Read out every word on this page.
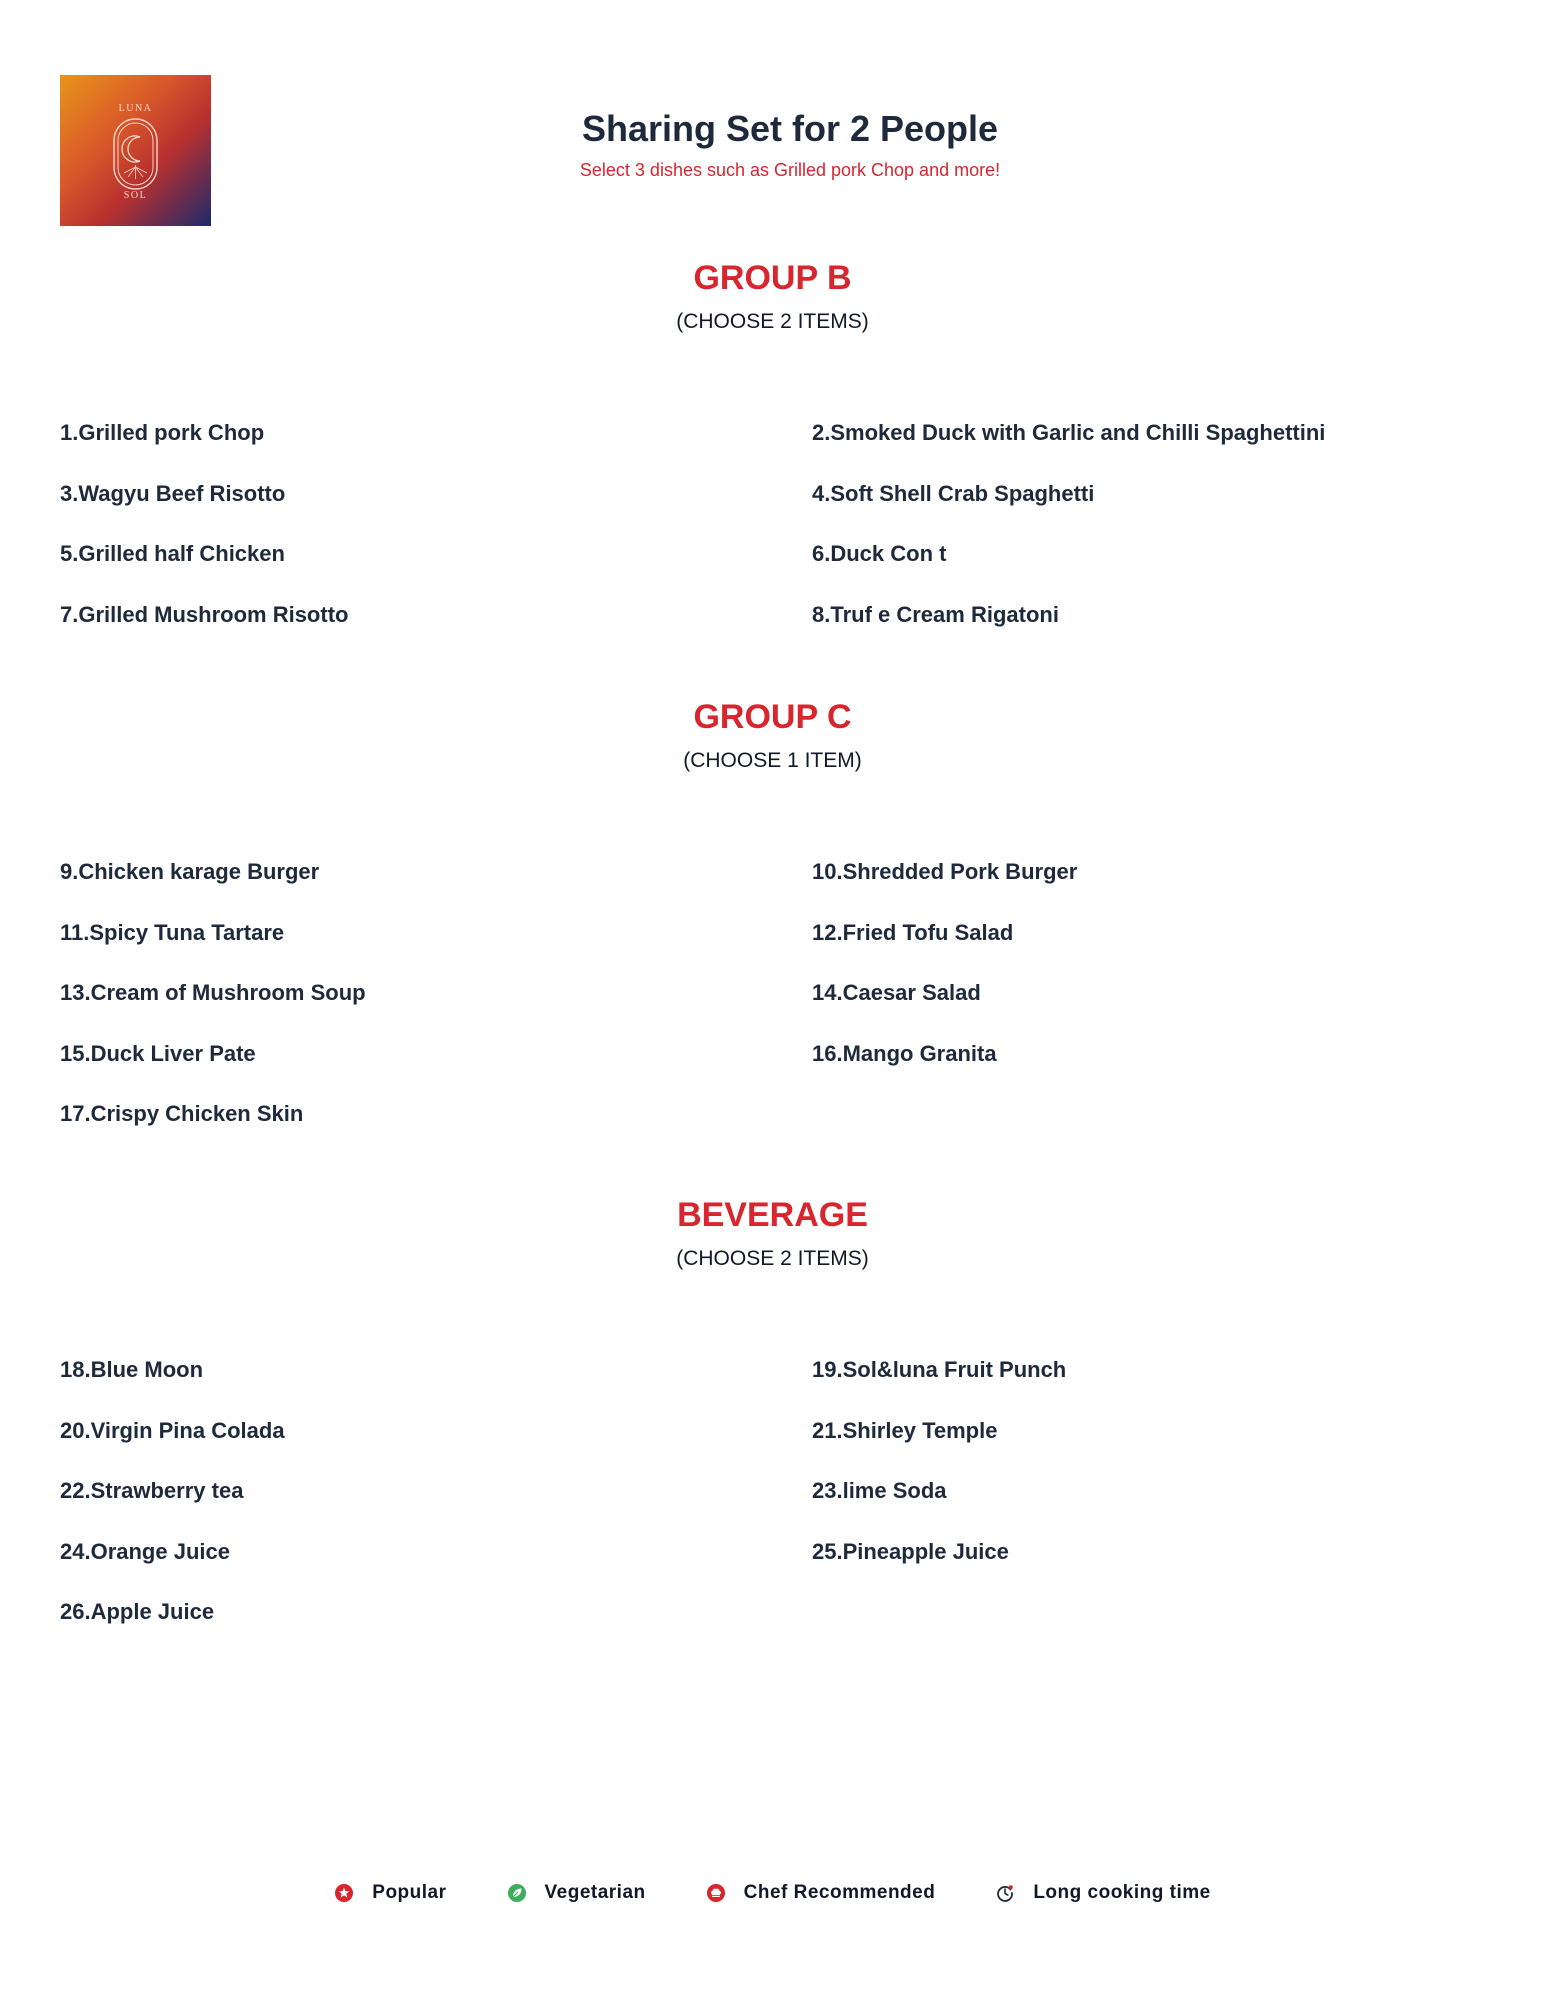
LUNA
SOL
Sharing Set for 2 People
Select 3 dishes such as Grilled pork Chop and more!
GROUP B
(CHOOSE 2 ITEMS)
1.Grilled pork Chop	2.Smoked Duck with Garlic and Chilli Spaghettini
3.Wagyu Beef Risotto	4.Soft Shell Crab Spaghetti
5.Grilled half Chicken	6.Duck Con t
7.Grilled Mushroom Risotto	8.Truf e Cream Rigatoni
GROUP C
(CHOOSE 1 ITEM)
9.Chicken karage Burger	10.Shredded Pork Burger
11.Spicy Tuna Tartare	12.Fried Tofu Salad
13.Cream of Mushroom Soup	14.Caesar Salad
15.Duck Liver Pate	16.Mango Granita
17.Crispy Chicken Skin
BEVERAGE
(CHOOSE 2 ITEMS)
18.Blue Moon	19.Sol&luna Fruit Punch
20.Virgin Pina Colada	21.Shirley Temple
22.Strawberry tea	23.lime Soda
24.Orange Juice	25.Pineapple Juice
26.Apple Juice
Popular	Vegetarian	Chef Recommended	Long cooking time
